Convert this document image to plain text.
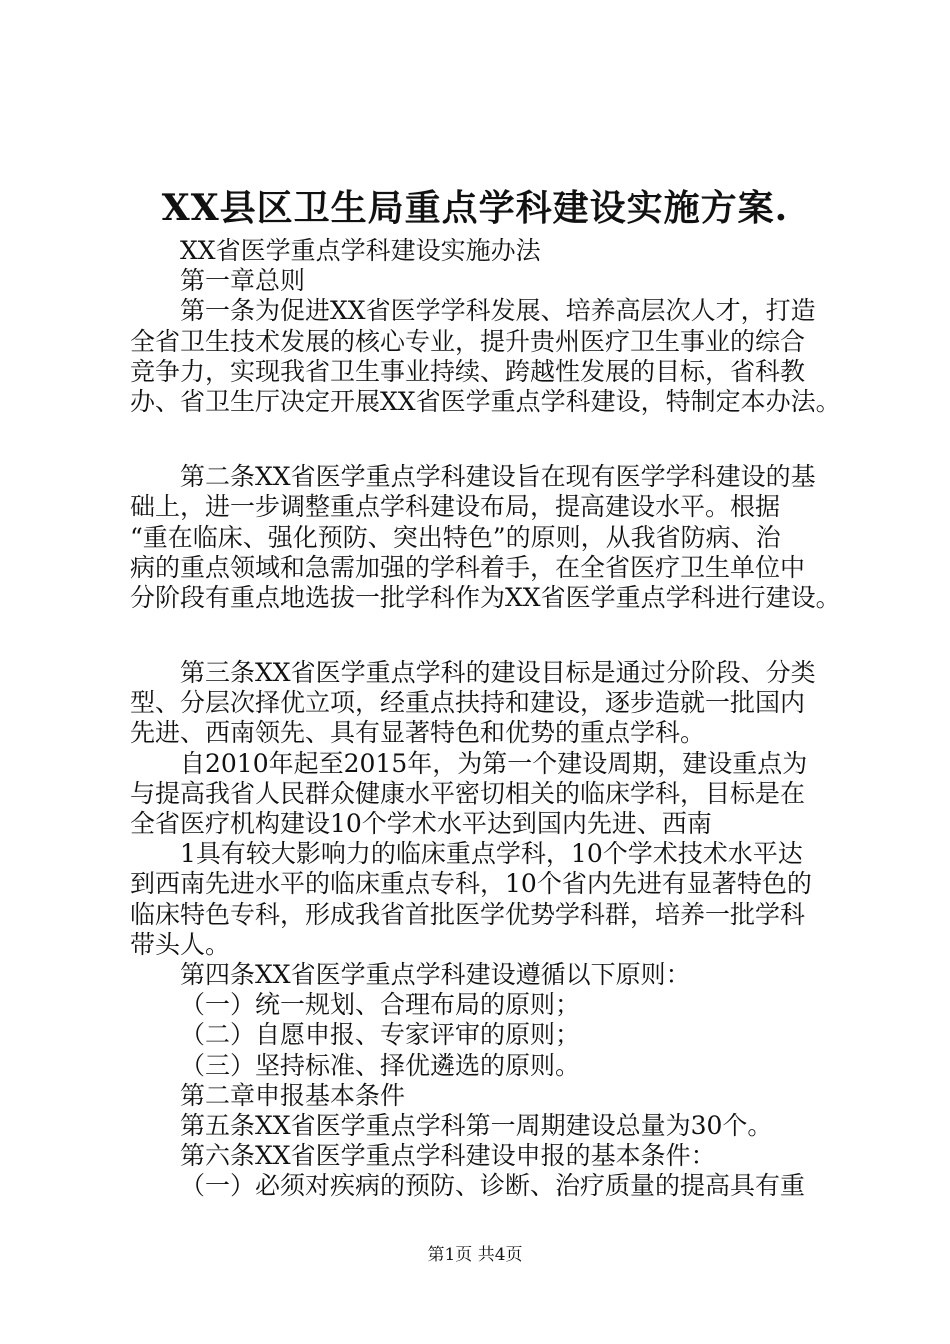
XX县区卫生局重点学科建设实施方案.
XX省医学重点学科建设实施办法
第一章总则
第一条为促进XX省医学学科发展、培养高层次人才，打造
全省卫生技术发展的核心专业，提升贵州医疗卫生事业的综合
竞争力，实现我省卫生事业持续、跨越性发展的目标，省科教
办、省卫生厅决定开展XX省医学重点学科建设，特制定本办法。
第二条XX省医学重点学科建设旨在现有医学学科建设的基
础上，进一步调整重点学科建设布局，提高建设水平。根据
“重在临床、强化预防、突出特色”的原则，从我省防病、治
病的重点领域和急需加强的学科着手，在全省医疗卫生单位中
分阶段有重点地选拔一批学科作为XX省医学重点学科进行建设。
第三条XX省医学重点学科的建设目标是通过分阶段、分类
型、分层次择优立项，经重点扶持和建设，逐步造就一批国内
先进、西南领先、具有显著特色和优势的重点学科。
自2010年起至2015年，为第一个建设周期，建设重点为
与提高我省人民群众健康水平密切相关的临床学科，目标是在
全省医疗机构建设10个学术水平达到国内先进、西南
1具有较大影响力的临床重点学科，10个学术技术水平达
到西南先进水平的临床重点专科，10个省内先进有显著特色的
临床特色专科，形成我省首批医学优势学科群，培养一批学科
带头人。
第四条XX省医学重点学科建设遵循以下原则：
（一）统一规划、合理布局的原则；
（二）自愿申报、专家评审的原则；
（三）坚持标准、择优遴选的原则。
第二章申报基本条件
第五条XX省医学重点学科第一周期建设总量为30个。
第六条XX省医学重点学科建设申报的基本条件：
（一）必须对疾病的预防、诊断、治疗质量的提高具有重
第1页 共4页
